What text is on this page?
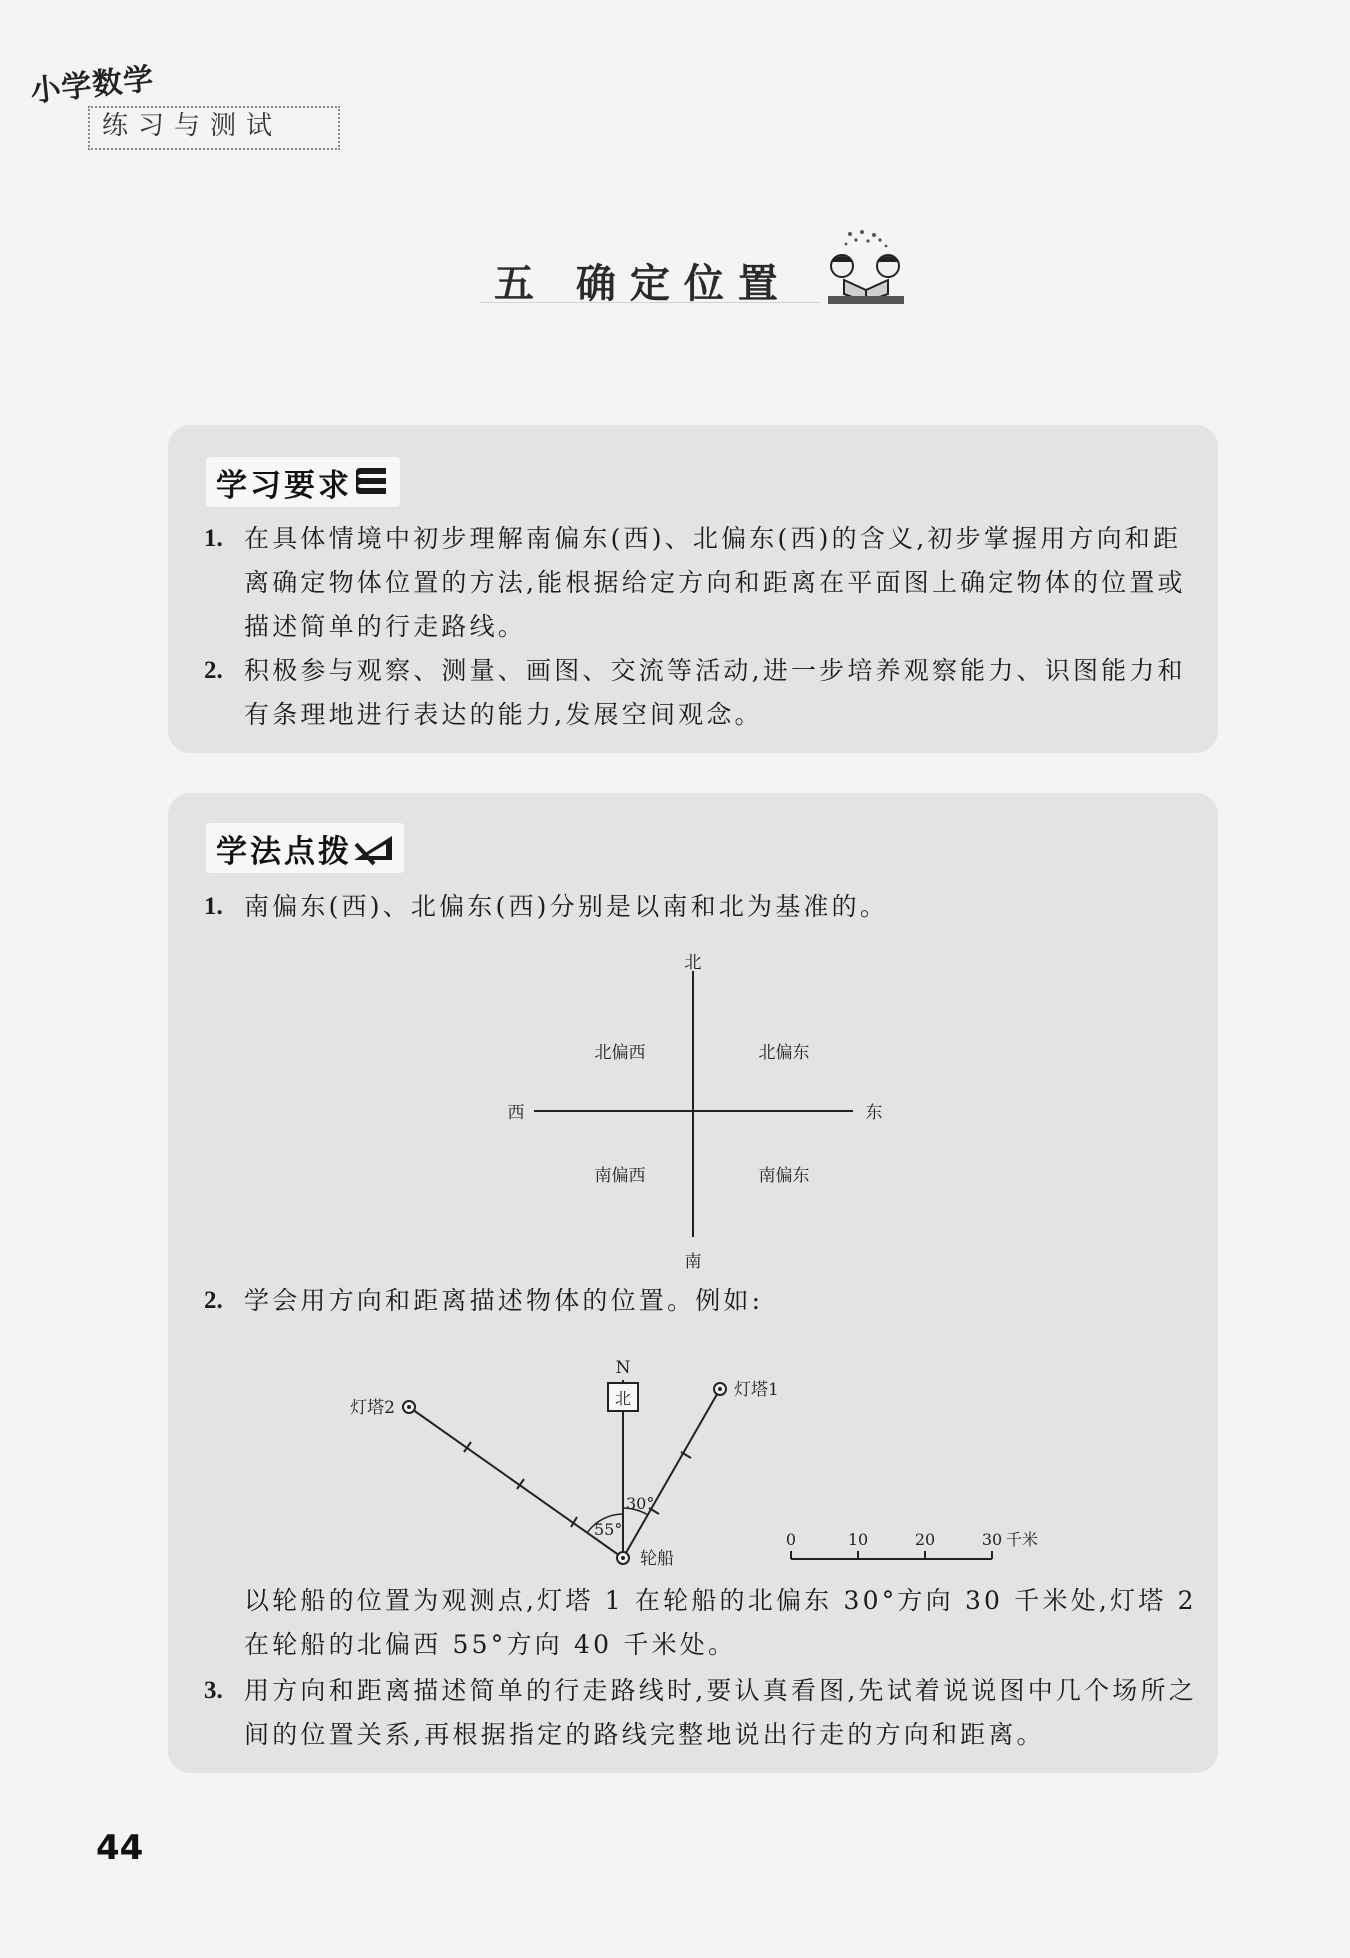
小学数学
练习与测试
五 确定位置
学习要求
1. 在具体情境中初步理解南偏东(西)、北偏东(西)的含义,初步掌握用方向和距离确定物体位置的方法,能根据给定方向和距离在平面图上确定物体的位置或描述简单的行走路线。
2. 积极参与观察、测量、画图、交流等活动,进一步培养观察能力、识图能力和有条理地进行表达的能力,发展空间观念。
学法点拨
1. 南偏东(西)、北偏东(西)分别是以南和北为基准的。
北
南
东
西
北偏西	北偏东
南偏西	南偏东
2. 学会用方向和距离描述物体的位置。例如:
N
北
30°
55°
轮船
灯塔1
灯塔2
0	10	20	30 千米
以轮船的位置为观测点,灯塔 1 在轮船的北偏东 30°方向 30 千米处,灯塔 2 在轮船的北偏西 55°方向 40 千米处。
3. 用方向和距离描述简单的行走路线时,要认真看图,先试着说说图中几个场所之间的位置关系,再根据指定的路线完整地说出行走的方向和距离。
44
